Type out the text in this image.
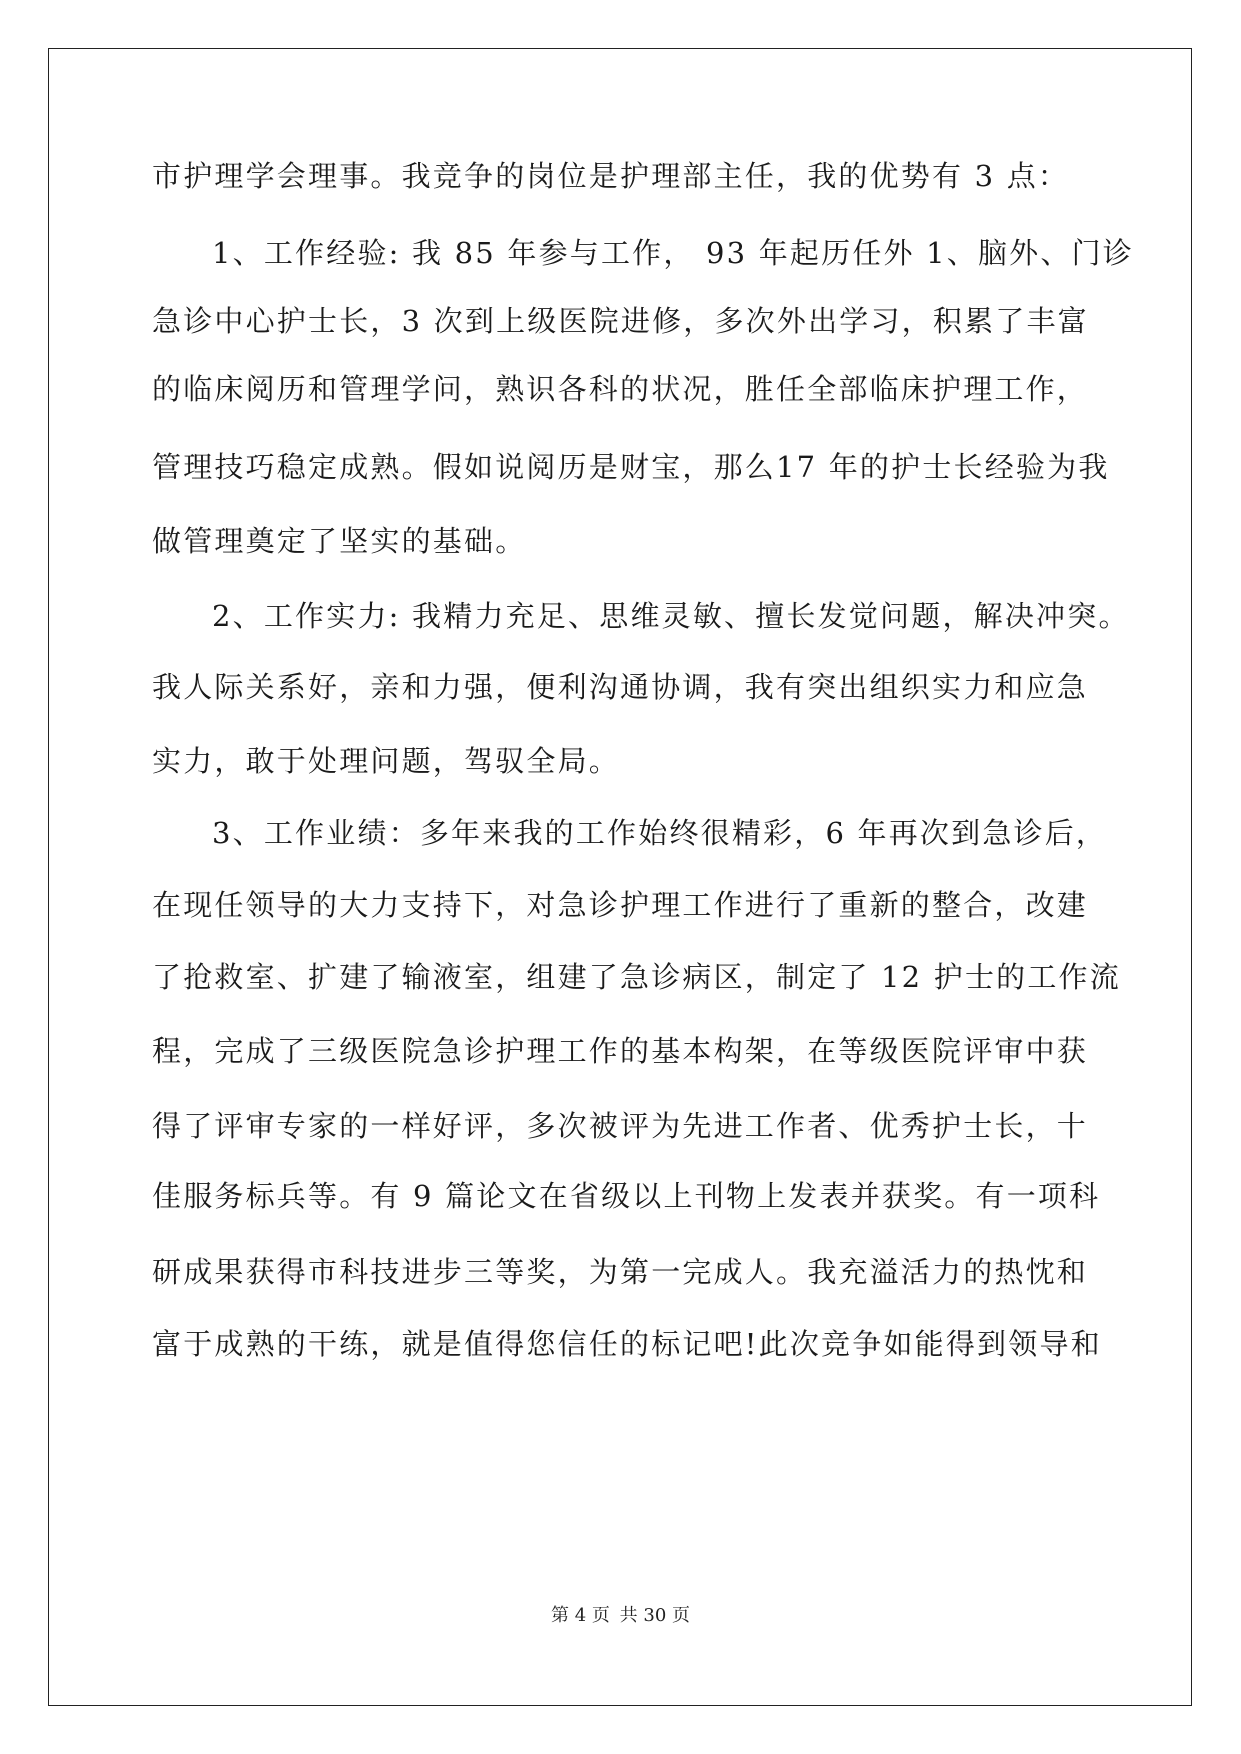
市护理学会理事。我竞争的岗位是护理部主任，我的优势有 3 点：
1、工作经验: 我 85 年参与工作， 93 年起历任外 1、脑外、门诊
急诊中心护士长，3 次到上级医院进修，多次外出学习，积累了丰富
的临床阅历和管理学问，熟识各科的状况，胜任全部临床护理工作，
管理技巧稳定成熟。假如说阅历是财宝，那么17 年的护士长经验为我
做管理奠定了坚实的基础。
2、工作实力: 我精力充足、思维灵敏、擅长发觉问题，解决冲突。
我人际关系好，亲和力强，便利沟通协调，我有突出组织实力和应急
实力，敢于处理问题，驾驭全局。
3、工作业绩：多年来我的工作始终很精彩，6 年再次到急诊后，
在现任领导的大力支持下，对急诊护理工作进行了重新的整合，改建
了抢救室、扩建了输液室，组建了急诊病区，制定了 12 护士的工作流
程，完成了三级医院急诊护理工作的基本构架，在等级医院评审中获
得了评审专家的一样好评，多次被评为先进工作者、优秀护士长，十
佳服务标兵等。有 9 篇论文在省级以上刊物上发表并获奖。有一项科
研成果获得市科技进步三等奖，为第一完成人。我充溢活力的热忱和
富于成熟的干练，就是值得您信任的标记吧!此次竞争如能得到领导和
第 4 页 共 30 页
